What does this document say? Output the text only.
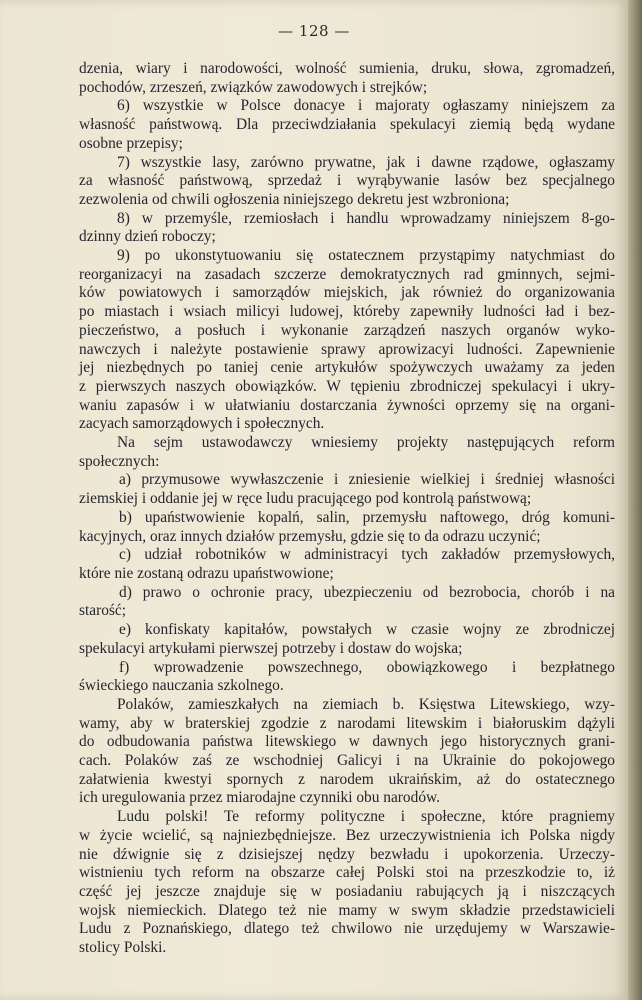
— 128 —

dzenia, wiary i narodowości, wolność sumienia, druku, słowa, zgromadzeń,

pochodów, zrzeszeń, związków zawodowych i strejków;

6) wszystkie w Polsce donacye i majoraty ogłaszamy niniejszem za

własność państwową. Dla przeciwdziałania spekulacyi ziemią będą wydane

osobne przepisy;

7) wszystkie lasy, zarówno prywatne, jak i dawne rządowe, ogłaszamy

za własność państwową, sprzedaż i wyrąbywanie lasów bez specjalnego

zezwolenia od chwili ogłoszenia niniejszego dekretu jest wzbroniona;

8) w przemyśle, rzemiosłach i handlu wprowadzamy niniejszem 8-go-

dzinny dzień roboczy;

9) po ukonstytuowaniu się ostatecznem przystąpimy natychmiast do

reorganizacyi na zasadach szczerze demokratycznych rad gminnych, sejmi-

ków powiatowych i samorządów miejskich, jak również do organizowania

po miastach i wsiach milicyi ludowej, któreby zapewniły ludności ład i bez-

pieczeństwo, a posłuch i wykonanie zarządzeń naszych organów wyko-

nawczych i należyte postawienie sprawy aprowizacyi ludności. Zapewnienie

jej niezbędnych po taniej cenie artykułów spożywczych uważamy za jeden

z pierwszych naszych obowiązków. W tępieniu zbrodniczej spekulacyi i ukry-

waniu zapasów i w ułatwianiu dostarczania żywności oprzemy się na organi-

zacyach samorządowych i społecznych.

Na sejm ustawodawczy wniesiemy projekty następujących reform

społecznych:

a) przymusowe wywłaszczenie i zniesienie wielkiej i średniej własności

ziemskiej i oddanie jej w ręce ludu pracującego pod kontrolą państwową;

b) upaństwowienie kopalń, salin, przemysłu naftowego, dróg komuni-

kacyjnych, oraz innych działów przemysłu, gdzie się to da odrazu uczynić;

c) udział robotników w administracyi tych zakładów przemysłowych,

które nie zostaną odrazu upaństwowione;

d) prawo o ochronie pracy, ubezpieczeniu od bezrobocia, chorób i na

starość;

e) konfiskaty kapitałów, powstałych w czasie wojny ze zbrodniczej

spekulacyi artykułami pierwszej potrzeby i dostaw do wojska;

f) wprowadzenie powszechnego, obowiązkowego i bezpłatnego

świeckiego nauczania szkolnego.

Polaków, zamieszkałych na ziemiach b. Księstwa Litewskiego, wzy-

wamy, aby w braterskiej zgodzie z narodami litewskim i białoruskim dążyli

do odbudowania państwa litewskiego w dawnych jego historycznych grani-

cach. Polaków zaś ze wschodniej Galicyi i na Ukrainie do pokojowego

załatwienia kwestyi spornych z narodem ukraińskim, aż do ostatecznego

ich uregulowania przez miarodajne czynniki obu narodów.

Ludu polski! Te reformy polityczne i społeczne, które pragniemy

w życie wcielić, są najniezbędniejsze. Bez urzeczywistnienia ich Polska nigdy

nie dźwignie się z dzisiejszej nędzy bezwładu i upokorzenia. Urzeczy-

wistnieniu tych reform na obszarze całej Polski stoi na przeszkodzie to, iż

część jej jeszcze znajduje się w posiadaniu rabujących ją i niszczących

wojsk niemieckich. Dlatego też nie mamy w swym składzie przedstawicieli

Ludu z Poznańskiego, dlatego też chwilowo nie urzędujemy w Warszawie-

stolicy Polski.
